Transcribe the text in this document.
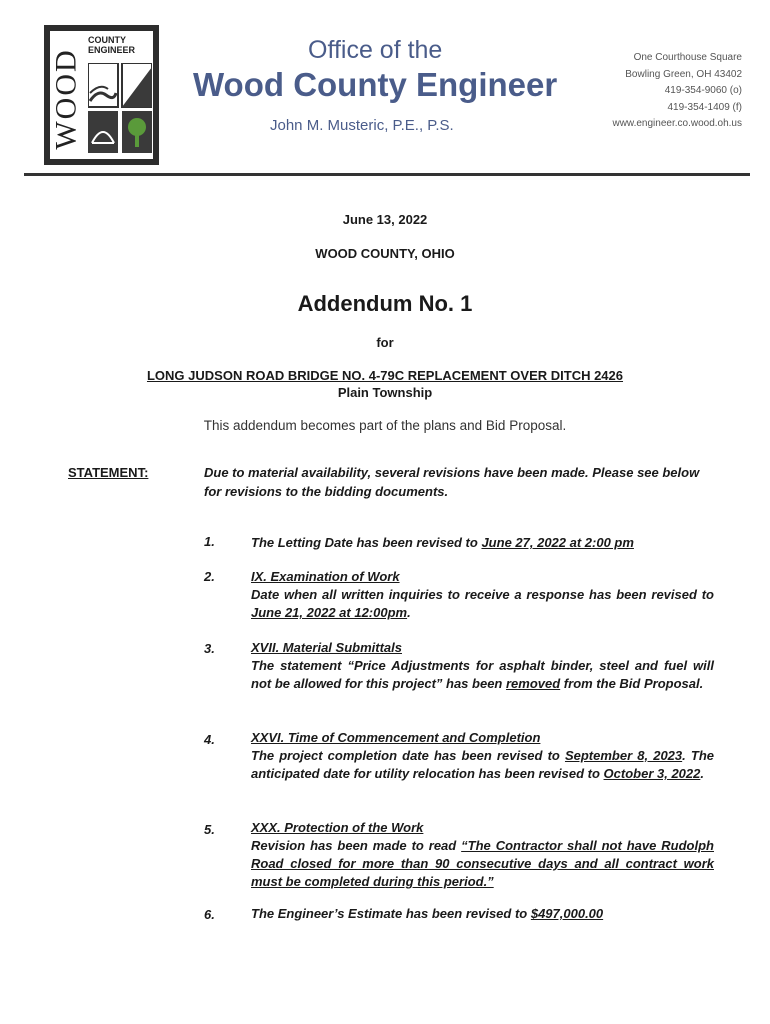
WOOD
COUNTY
ENGINEER	Office of the
Wood County Engineer
John M. Musteric, P.E., P.S.
One Courthouse Square
Bowling Green, OH 43402
419-354-9060 (o)
419-354-1409 (f)
www.engineer.co.wood.oh.us
June 13, 2022
WOOD COUNTY, OHIO
Addendum No. 1
for
LONG JUDSON ROAD BRIDGE NO. 4-79C REPLACEMENT OVER DITCH 2426
Plain Township
This addendum becomes part of the plans and Bid Proposal.
STATEMENT:	Due to material availability, several revisions have been made. Please see below for revisions to the bidding documents.
1.	The Letting Date has been revised to June 27, 2022 at 2:00 pm
2.	IX. Examination of Work
Date when all written inquiries to receive a response has been revised to June 21, 2022 at 12:00pm.
3.	XVII. Material Submittals
The statement “Price Adjustments for asphalt binder, steel and fuel will not be allowed for this project” has been removed from the Bid Proposal.
4.	XXVI. Time of Commencement and Completion
The project completion date has been revised to September 8, 2023. The anticipated date for utility relocation has been revised to October 3, 2022.
5.	XXX. Protection of the Work
Revision has been made to read “The Contractor shall not have Rudolph Road closed for more than 90 consecutive days and all contract work must be completed during this period.”
6.	The Engineer’s Estimate has been revised to $497,000.00
